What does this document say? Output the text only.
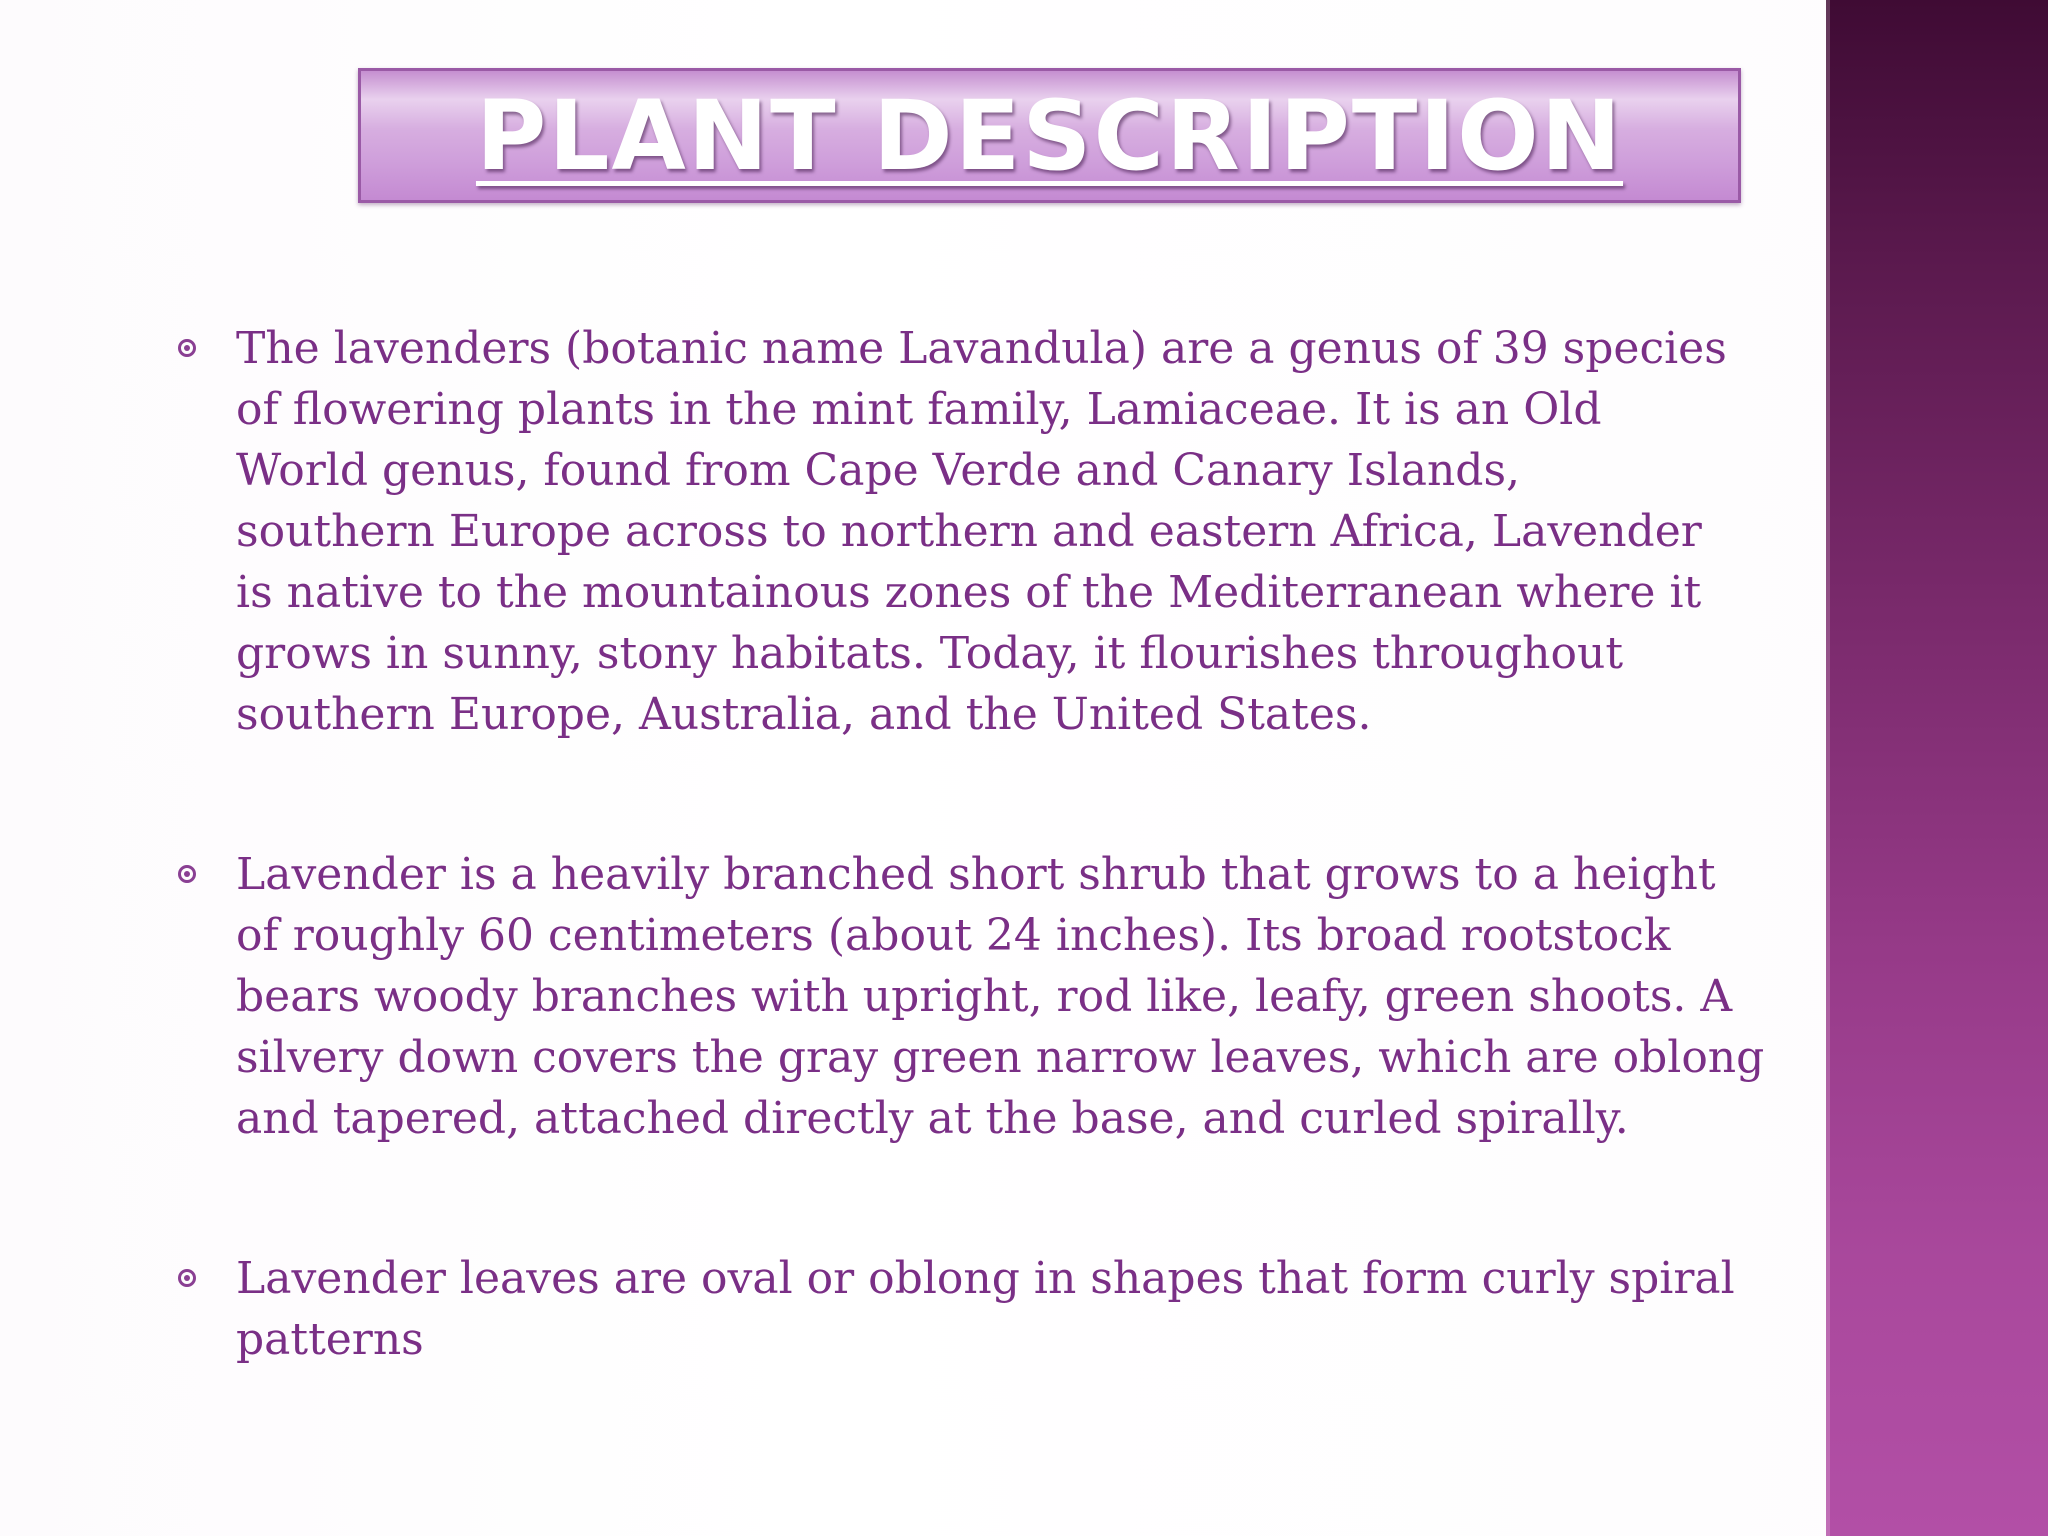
PLANT DESCRIPTION

The lavenders (botanic name Lavandula) are a genus of 39 species
of flowering plants in the mint family, Lamiaceae. It is an Old
World genus, found from Cape Verde and Canary Islands,
southern Europe across to northern and eastern Africa, Lavender
is native to the mountainous zones of the Mediterranean where it
grows in sunny, stony habitats. Today, it flourishes throughout
southern Europe, Australia, and the United States.

Lavender is a heavily branched short shrub that grows to a height
of roughly 60 centimeters (about 24 inches). Its broad rootstock
bears woody branches with upright, rod like, leafy, green shoots. A
silvery down covers the gray green narrow leaves, which are oblong
and tapered, attached directly at the base, and curled spirally.

Lavender leaves are oval or oblong in shapes that form curly spiral
patterns
